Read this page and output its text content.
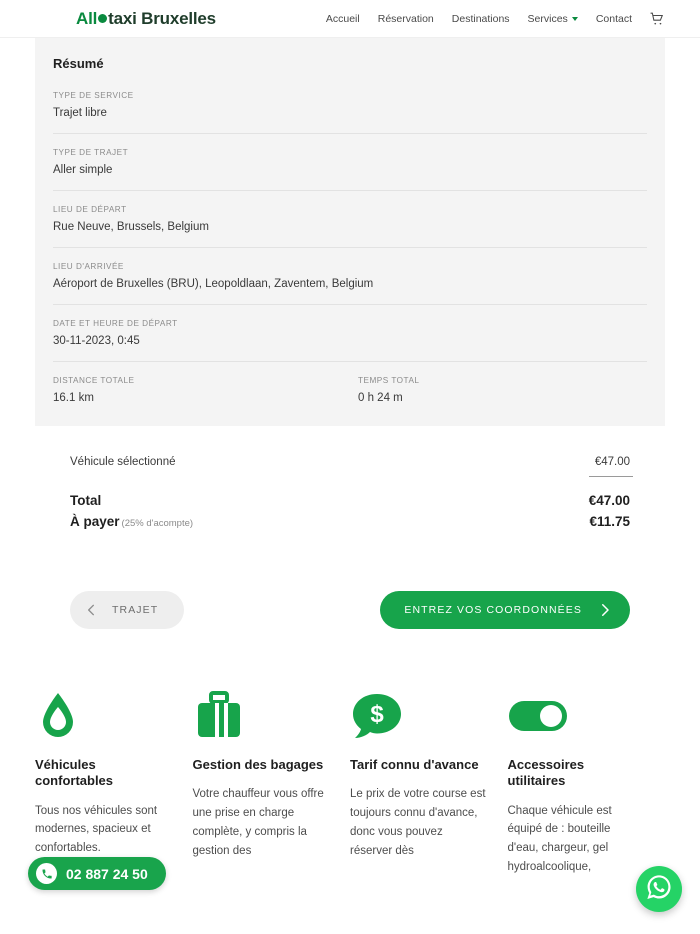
All taxi Bruxelles	Accueil Réservation Destinations Services	Contact
Résumé
TYPE DE SERVICE
Trajet libre
TYPE DE TRAJET
Aller simple
LIEU DE DÉPART
Rue Neuve, Brussels, Belgium
LIEU D'ARRIVÉE
Aéroport de Bruxelles (BRU), Leopoldlaan, Zaventem, Belgium
DATE ET HEURE DE DÉPART
30-11-2023, 0:45
DISTANCE TOTALE
16.1 km
TEMPS TOTAL
0 h 24 m
Véhicule sélectionné	€47.00
Total	€47.00
À payer (25% d'acompte)	€11.75
TRAJET	ENTREZ VOS COORDONNÉES
Véhicules confortables
Tous nos véhicules sont modernes, spacieux et confortables.
Gestion des bagages
Votre chauffeur vous offre une prise en charge complète, y compris la gestion des
$
Tarif connu d'avance
Le prix de votre course est toujours connu d'avance, donc vous pouvez réserver dès
Accessoires utilitaires
Chaque véhicule est équipé de : bouteille d'eau, chargeur, gel hydroalcoolique,
02 887 24 50
